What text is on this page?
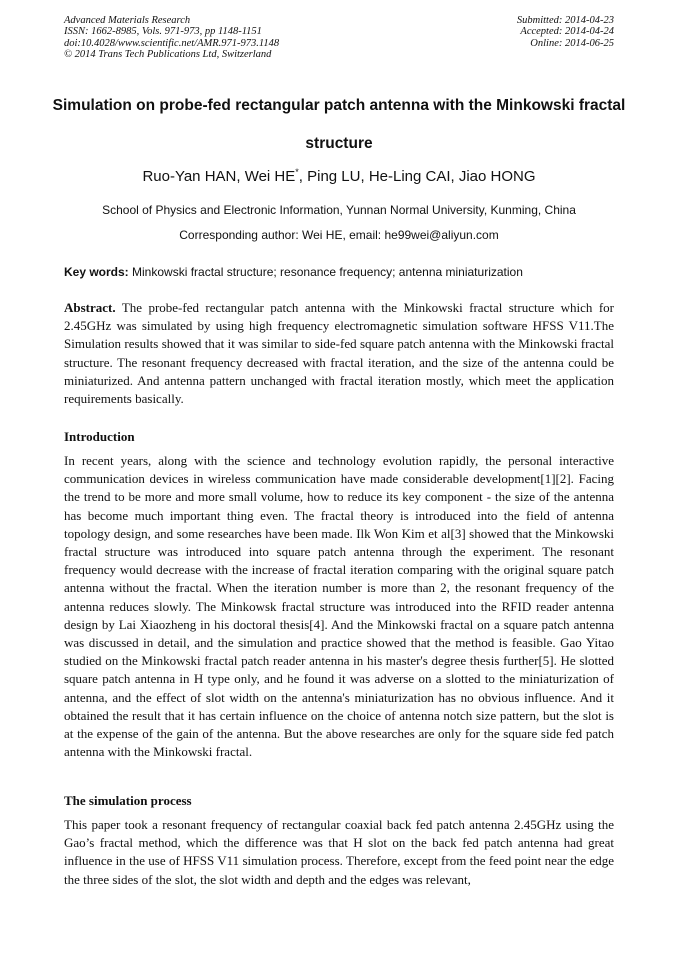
Advanced Materials Research
ISSN: 1662-8985, Vols. 971-973, pp 1148-1151
doi:10.4028/www.scientific.net/AMR.971-973.1148
© 2014 Trans Tech Publications Ltd, Switzerland
Submitted: 2014-04-23
Accepted: 2014-04-24
Online: 2014-06-25
Simulation on probe-fed rectangular patch antenna with the Minkowski fractal structure
Ruo-Yan HAN, Wei HE*, Ping LU, He-Ling CAI, Jiao HONG
School of Physics and Electronic Information, Yunnan Normal University, Kunming, China
Corresponding author: Wei HE, email: he99wei@aliyun.com
Key words: Minkowski fractal structure; resonance frequency; antenna miniaturization
Abstract. The probe-fed rectangular patch antenna with the Minkowski fractal structure which for 2.45GHz was simulated by using high frequency electromagnetic simulation software HFSS V11.The Simulation results showed that it was similar to side-fed square patch antenna with the Minkowski fractal structure. The resonant frequency decreased with fractal iteration, and the size of the antenna could be miniaturized. And antenna pattern unchanged with fractal iteration mostly, which meet the application requirements basically.
Introduction
In recent years, along with the science and technology evolution rapidly, the personal interactive communication devices in wireless communication have made considerable development[1][2]. Facing the trend to be more and more small volume, how to reduce its key component - the size of the antenna has become much important thing even. The fractal theory is introduced into the field of antenna topology design, and some researches have been made. Ilk Won Kim et al[3] showed that the Minkowski fractal structure was introduced into square patch antenna through the experiment. The resonant frequency would decrease with the increase of fractal iteration comparing with the original square patch antenna without the fractal. When the iteration number is more than 2, the resonant frequency of the antenna reduces slowly. The Minkowsk fractal structure was introduced into the RFID reader antenna design by Lai Xiaozheng in his doctoral thesis[4]. And the Minkowski fractal on a square patch antenna was discussed in detail, and the simulation and practice showed that the method is feasible. Gao Yitao studied on the Minkowski fractal patch reader antenna in his master's degree thesis further[5]. He slotted square patch antenna in H type only, and he found it was adverse on a slotted to the miniaturization of antenna, and the effect of slot width on the antenna's miniaturization has no obvious influence. And it obtained the result that it has certain influence on the choice of antenna notch size pattern, but the slot is at the expense of the gain of the antenna. But the above researches are only for the square side fed patch antenna with the Minkowski fractal.
The simulation process
This paper took a resonant frequency of rectangular coaxial back fed patch antenna 2.45GHz using the Gao’s fractal method, which the difference was that H slot on the back fed patch antenna had great influence in the use of HFSS V11 simulation process. Therefore, except from the feed point near the edge the three sides of the slot, the slot width and depth and the edges was relevant,
